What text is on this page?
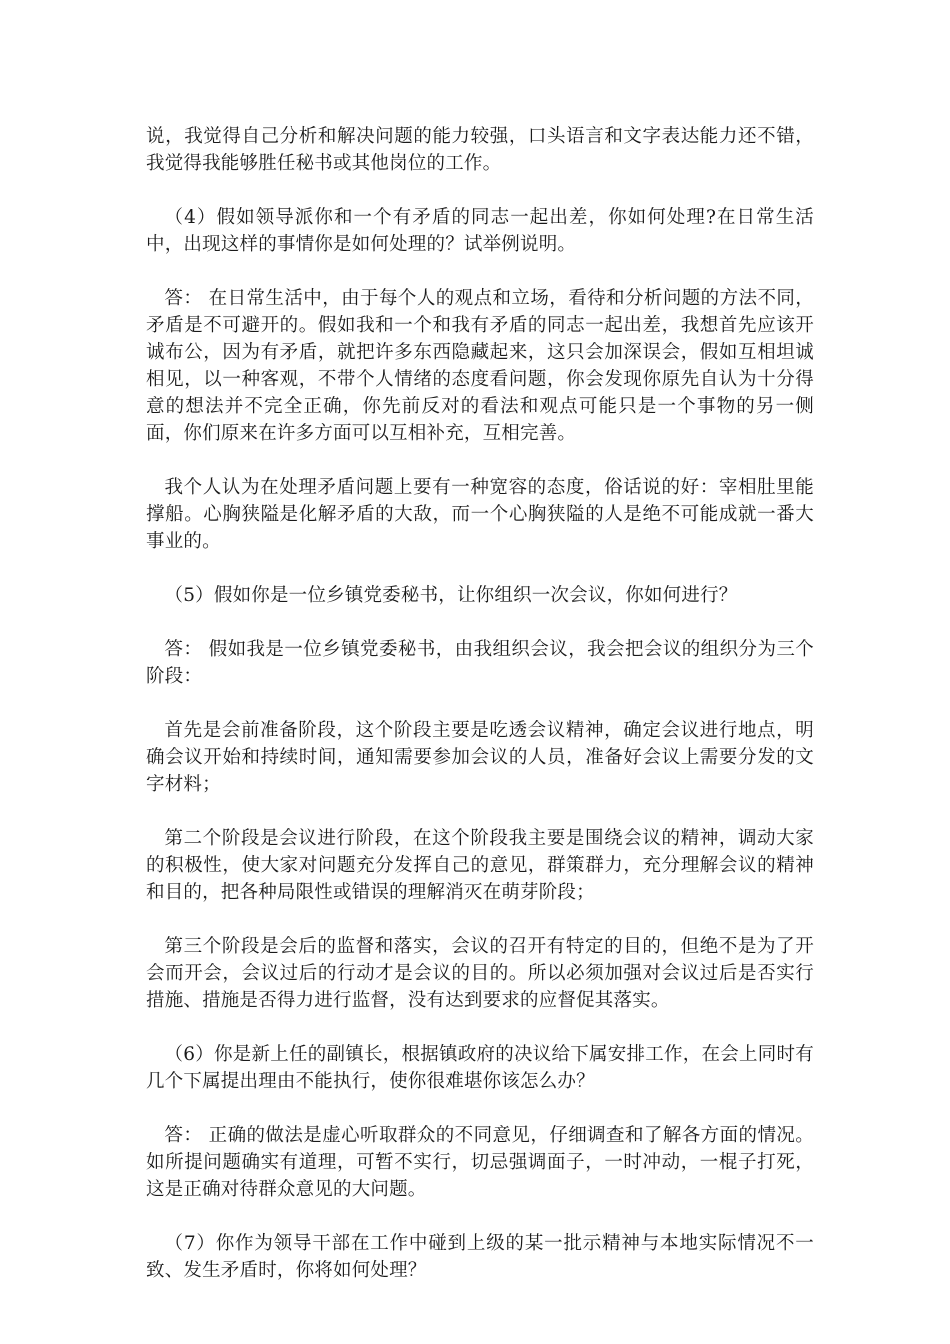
说，我觉得自己分析和解决问题的能力较强，口头语言和文字表达能力还不错，我觉得我能够胜任秘书或其他岗位的工作。

（4）假如领导派你和一个有矛盾的同志一起出差，你如何处理?在日常生活中，出现这样的事情你是如何处理的？试举例说明。

答： 在日常生活中，由于每个人的观点和立场，看待和分析问题的方法不同，矛盾是不可避开的。假如我和一个和我有矛盾的同志一起出差，我想首先应该开诚布公，因为有矛盾，就把许多东西隐藏起来，这只会加深误会，假如互相坦诚相见，以一种客观，不带个人情绪的态度看问题，你会发现你原先自认为十分得意的想法并不完全正确，你先前反对的看法和观点可能只是一个事物的另一侧面，你们原来在许多方面可以互相补充，互相完善。

我个人认为在处理矛盾问题上要有一种宽容的态度，俗话说的好：宰相肚里能撑船。心胸狭隘是化解矛盾的大敌，而一个心胸狭隘的人是绝不可能成就一番大事业的。

（5）假如你是一位乡镇党委秘书，让你组织一次会议，你如何进行？

答： 假如我是一位乡镇党委秘书，由我组织会议，我会把会议的组织分为三个阶段：

首先是会前准备阶段，这个阶段主要是吃透会议精神，确定会议进行地点，明确会议开始和持续时间，通知需要参加会议的人员，准备好会议上需要分发的文字材料；

第二个阶段是会议进行阶段，在这个阶段我主要是围绕会议的精神，调动大家的积极性，使大家对问题充分发挥自己的意见，群策群力，充分理解会议的精神和目的，把各种局限性或错误的理解消灭在萌芽阶段；

第三个阶段是会后的监督和落实，会议的召开有特定的目的，但绝不是为了开会而开会，会议过后的行动才是会议的目的。所以必须加强对会议过后是否实行措施、措施是否得力进行监督，没有达到要求的应督促其落实。

（6）你是新上任的副镇长，根据镇政府的决议给下属安排工作，在会上同时有几个下属提出理由不能执行，使你很难堪你该怎么办？

答： 正确的做法是虚心听取群众的不同意见，仔细调查和了解各方面的情况。如所提问题确实有道理，可暂不实行，切忌强调面子，一时冲动，一棍子打死，这是正确对待群众意见的大问题。

（7）你作为领导干部在工作中碰到上级的某一批示精神与本地实际情况不一致、发生矛盾时，你将如何处理？
